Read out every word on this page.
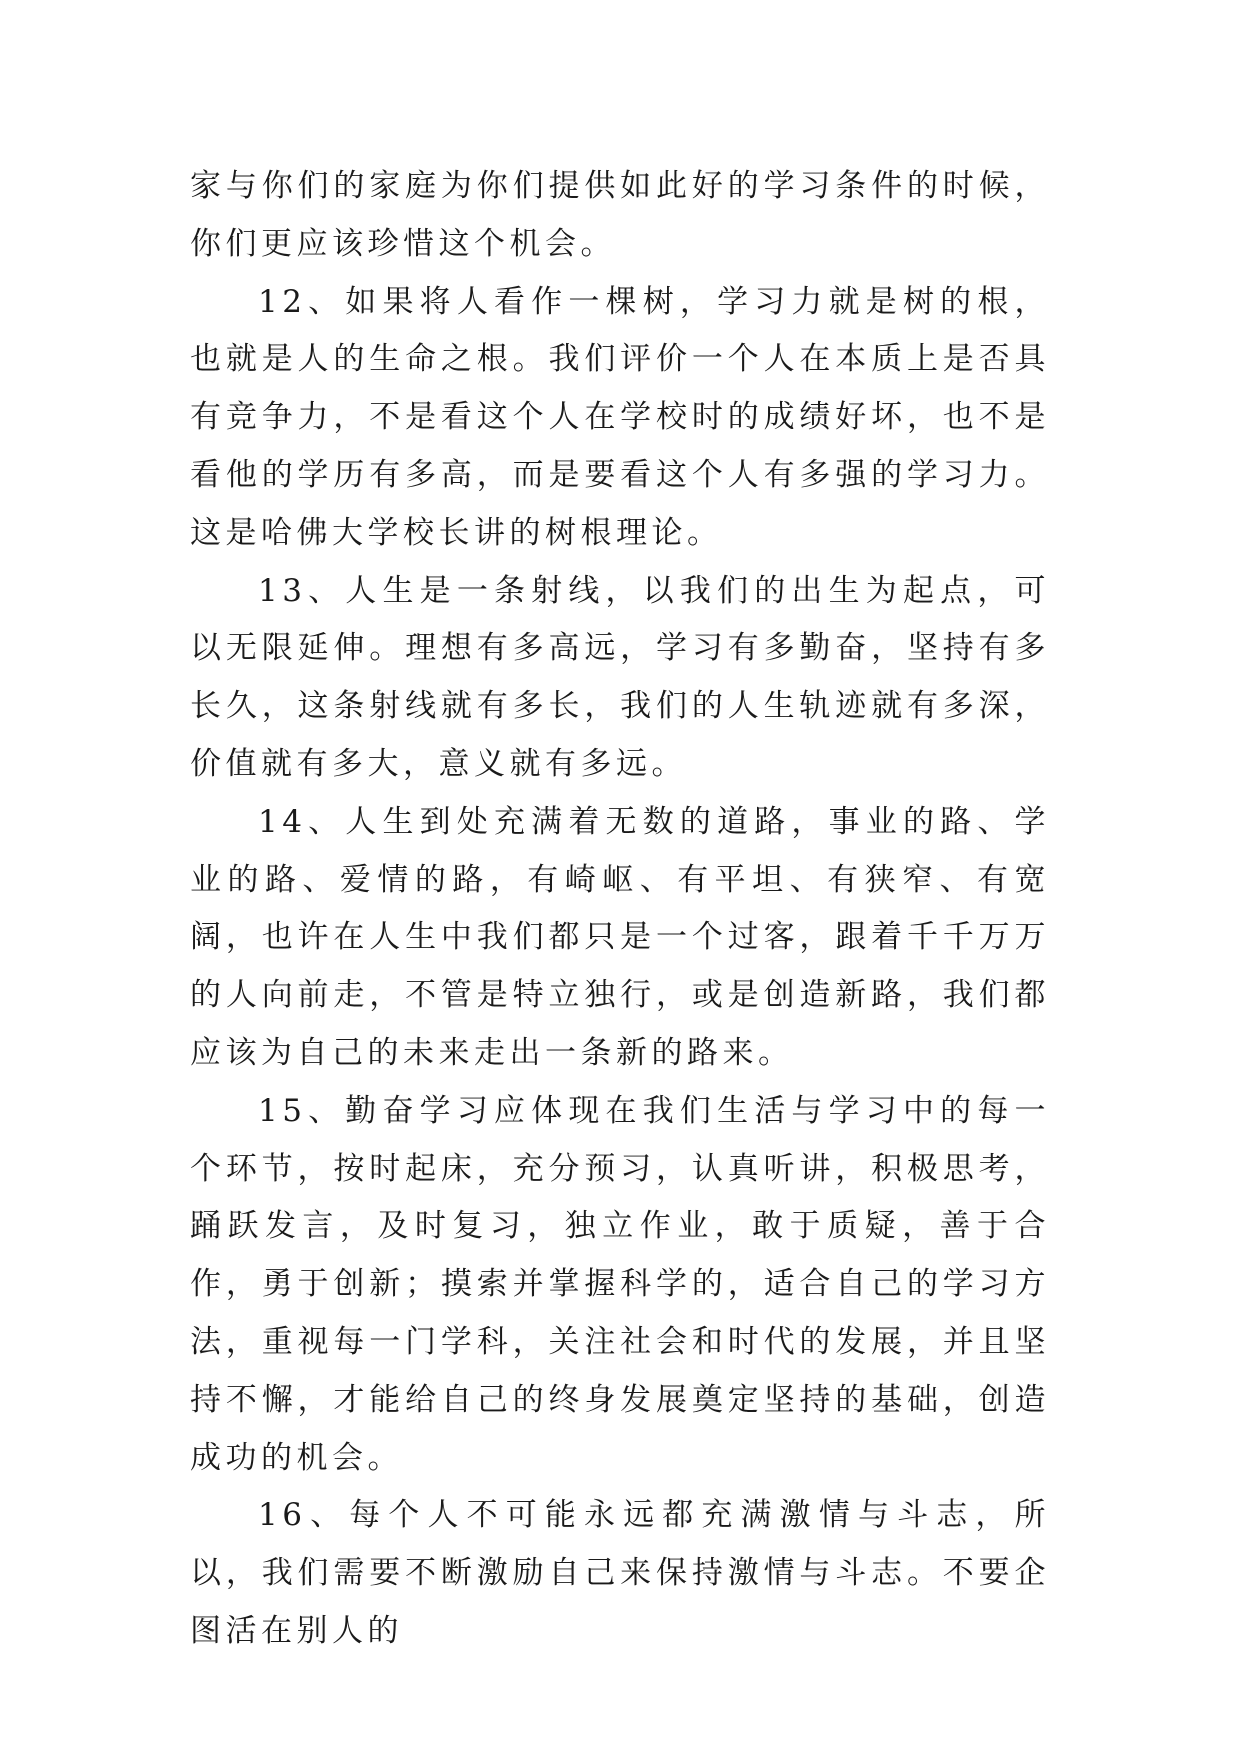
家与你们的家庭为你们提供如此好的学习条件的时候，你们更应该珍惜这个机会。

12、如果将人看作一棵树，学习力就是树的根，也就是人的生命之根。我们评价一个人在本质上是否具有竞争力，不是看这个人在学校时的成绩好坏，也不是看他的学历有多高，而是要看这个人有多强的学习力。这是哈佛大学校长讲的树根理论。

13、人生是一条射线，以我们的出生为起点，可以无限延伸。理想有多高远，学习有多勤奋，坚持有多长久，这条射线就有多长，我们的人生轨迹就有多深，价值就有多大，意义就有多远。

14、人生到处充满着无数的道路，事业的路、学业的路、爱情的路，有崎岖、有平坦、有狭窄、有宽阔，也许在人生中我们都只是一个过客，跟着千千万万的人向前走，不管是特立独行，或是创造新路，我们都应该为自己的未来走出一条新的路来。

15、勤奋学习应体现在我们生活与学习中的每一个环节，按时起床，充分预习，认真听讲，积极思考，踊跃发言，及时复习，独立作业，敢于质疑，善于合作，勇于创新；摸索并掌握科学的，适合自己的学习方法，重视每一门学科，关注社会和时代的发展，并且坚持不懈，才能给自己的终身发展奠定坚持的基础，创造成功的机会。

16、每个人不可能永远都充满激情与斗志，所以，我们需要不断激励自己来保持激情与斗志。不要企图活在别人的
